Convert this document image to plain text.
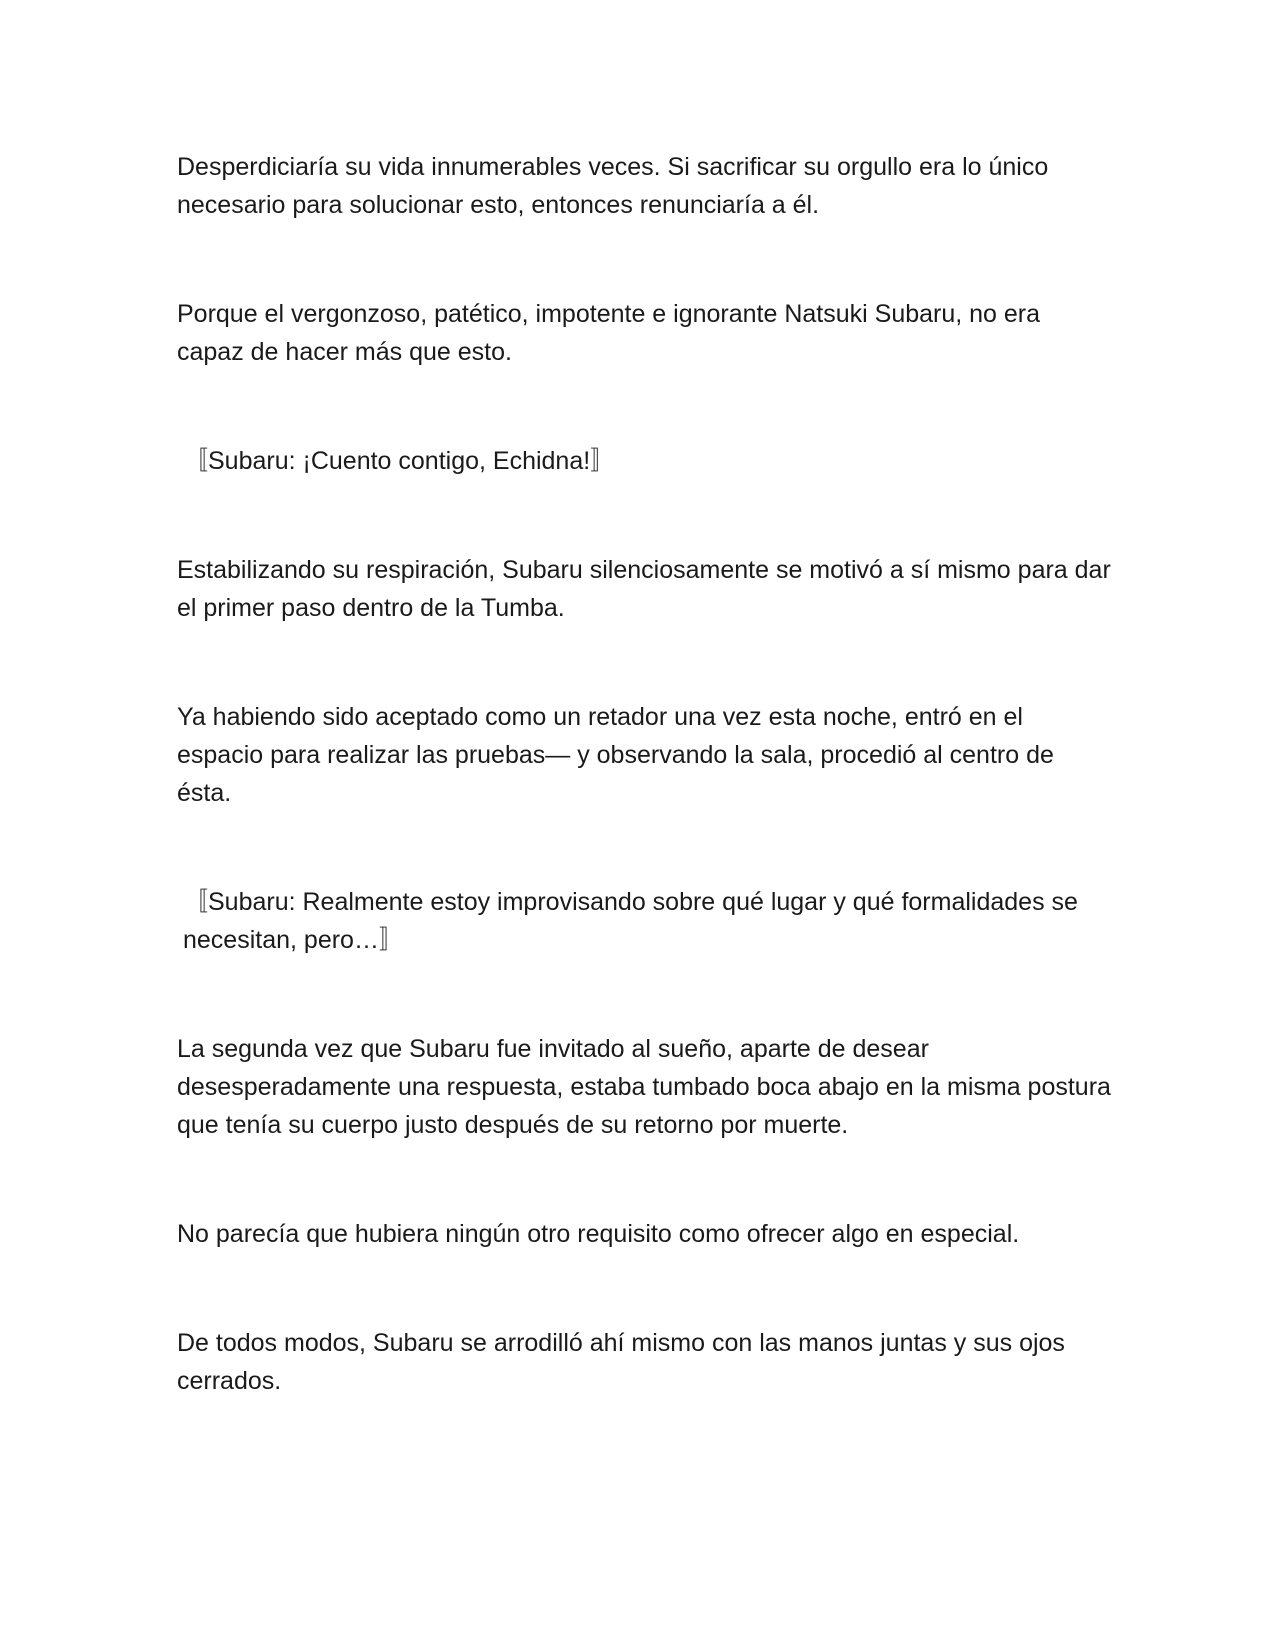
Desperdiciaría su vida innumerables veces. Si sacrificar su orgullo era lo único necesario para solucionar esto, entonces renunciaría a él.

Porque el vergonzoso, patético, impotente e ignorante Natsuki Subaru, no era capaz de hacer más que esto.

〚Subaru: ¡Cuento contigo, Echidna!〛

Estabilizando su respiración, Subaru silenciosamente se motivó a sí mismo para dar el primer paso dentro de la Tumba.

Ya habiendo sido aceptado como un retador una vez esta noche, entró en el espacio para realizar las pruebas— y observando la sala, procedió al centro de ésta.

〚Subaru: Realmente estoy improvisando sobre qué lugar y qué formalidades se necesitan, pero…〛

La segunda vez que Subaru fue invitado al sueño, aparte de desear desesperadamente una respuesta, estaba tumbado boca abajo en la misma postura que tenía su cuerpo justo después de su retorno por muerte.

No parecía que hubiera ningún otro requisito como ofrecer algo en especial.

De todos modos, Subaru se arrodilló ahí mismo con las manos juntas y sus ojos cerrados.
